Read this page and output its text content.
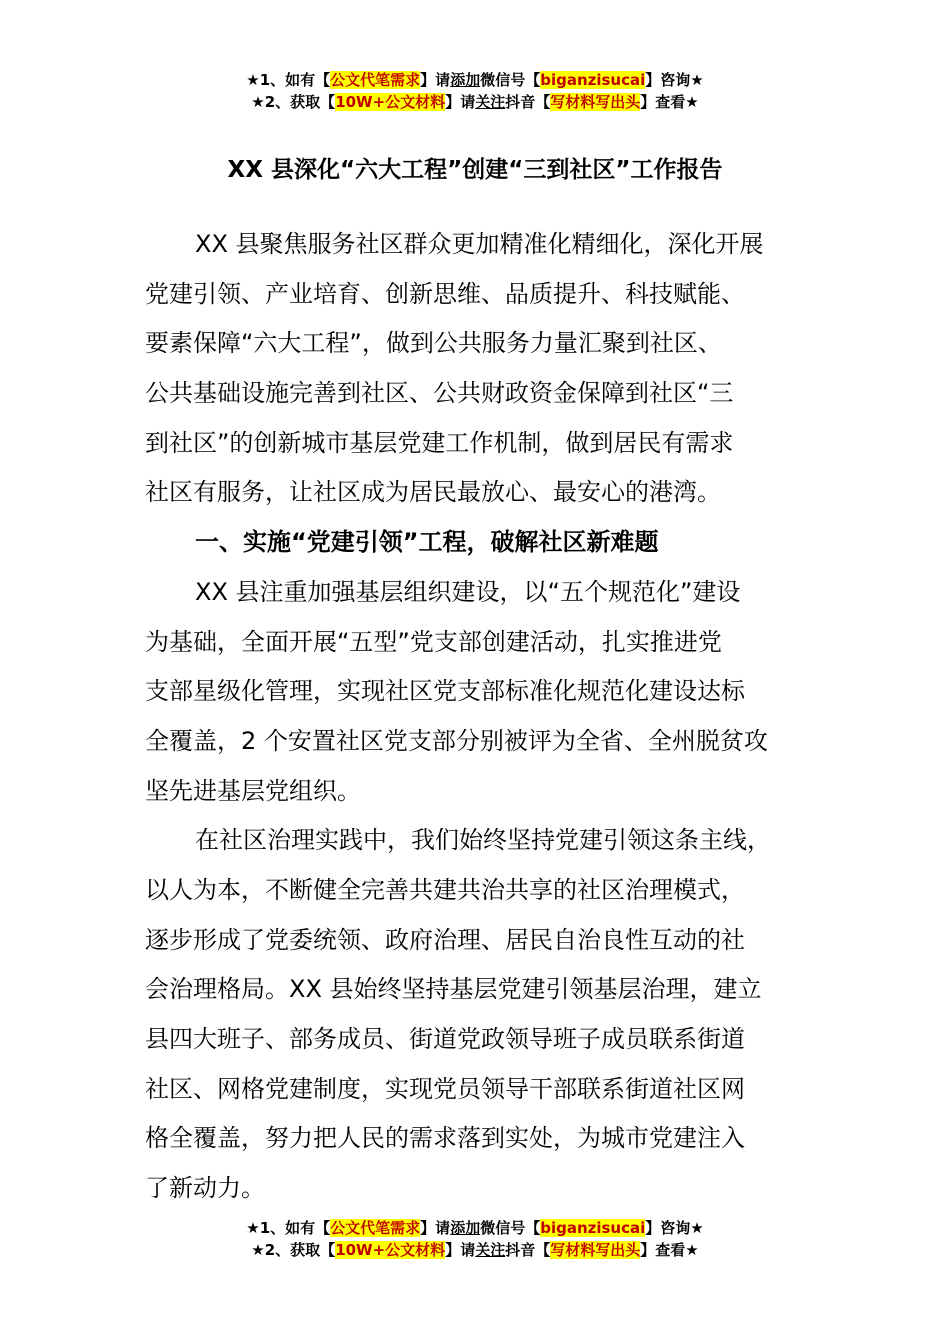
★1、如有【公文代笔需求】请添加微信号【biganzisucai】咨询★
★2、获取【10W+公文材料】请关注抖音【写材料写出头】查看★
XX 县深化“六大工程”创建“三到社区”工作报告
XX 县聚焦服务社区群众更加精准化精细化，深化开展
党建引领、产业培育、创新思维、品质提升、科技赋能、
要素保障“六大工程”，做到公共服务力量汇聚到社区、
公共基础设施完善到社区、公共财政资金保障到社区“三
到社区”的创新城市基层党建工作机制，做到居民有需求
社区有服务，让社区成为居民最放心、最安心的港湾。
一、实施“党建引领”工程，破解社区新难题
XX 县注重加强基层组织建设，以“五个规范化”建设
为基础，全面开展“五型”党支部创建活动，扎实推进党
支部星级化管理，实现社区党支部标准化规范化建设达标
全覆盖，2 个安置社区党支部分别被评为全省、全州脱贫攻
坚先进基层党组织。
在社区治理实践中，我们始终坚持党建引领这条主线，
以人为本，不断健全完善共建共治共享的社区治理模式，
逐步形成了党委统领、政府治理、居民自治良性互动的社
会治理格局。XX 县始终坚持基层党建引领基层治理，建立
县四大班子、部务成员、街道党政领导班子成员联系街道
社区、网格党建制度，实现党员领导干部联系街道社区网
格全覆盖，努力把人民的需求落到实处，为城市党建注入
了新动力。
★1、如有【公文代笔需求】请添加微信号【biganzisucai】咨询★
★2、获取【10W+公文材料】请关注抖音【写材料写出头】查看★
